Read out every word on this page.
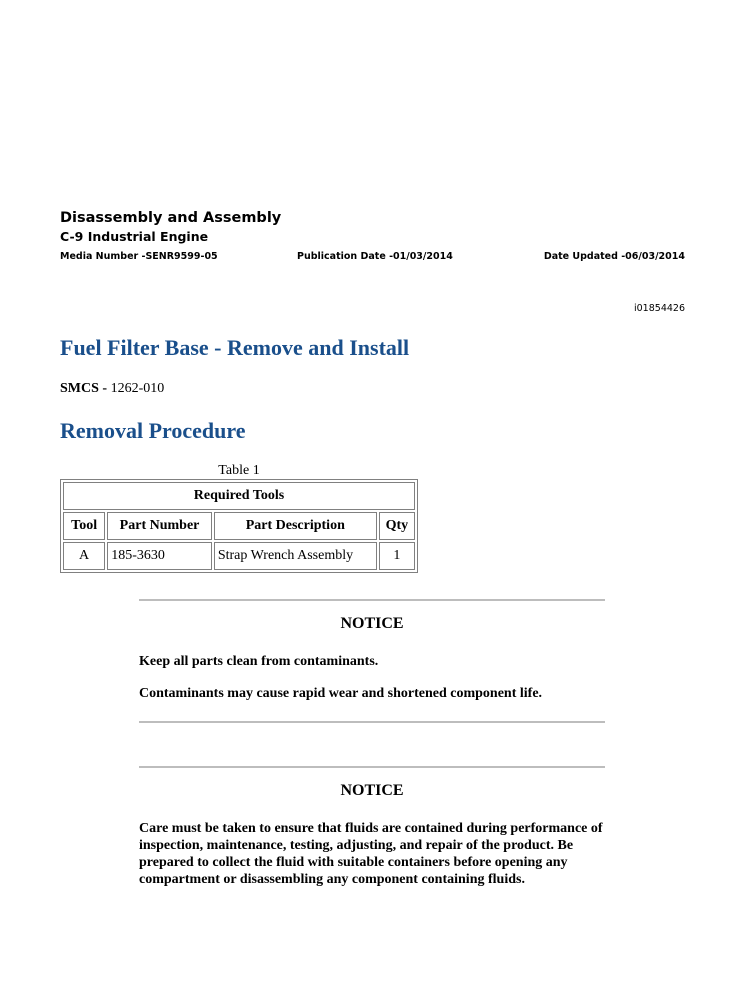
Disassembly and Assembly
C-9 Industrial Engine
Media Number -SENR9599-05	Publication Date -01/03/2014	Date Updated -06/03/2014
i01854426
Fuel Filter Base - Remove and Install
SMCS - 1262-010
Removal Procedure
Table 1
Required Tools			
Tool	Part Number	Part Description	Qty
A	185-3630	Strap Wrench Assembly	1
NOTICE

Keep all parts clean from contaminants.

Contaminants may cause rapid wear and shortened component life.

NOTICE

Care must be taken to ensure that fluids are contained during performance of inspection, maintenance, testing, adjusting, and repair of the product. Be prepared to collect the fluid with suitable containers before opening any compartment or disassembling any component containing fluids.
